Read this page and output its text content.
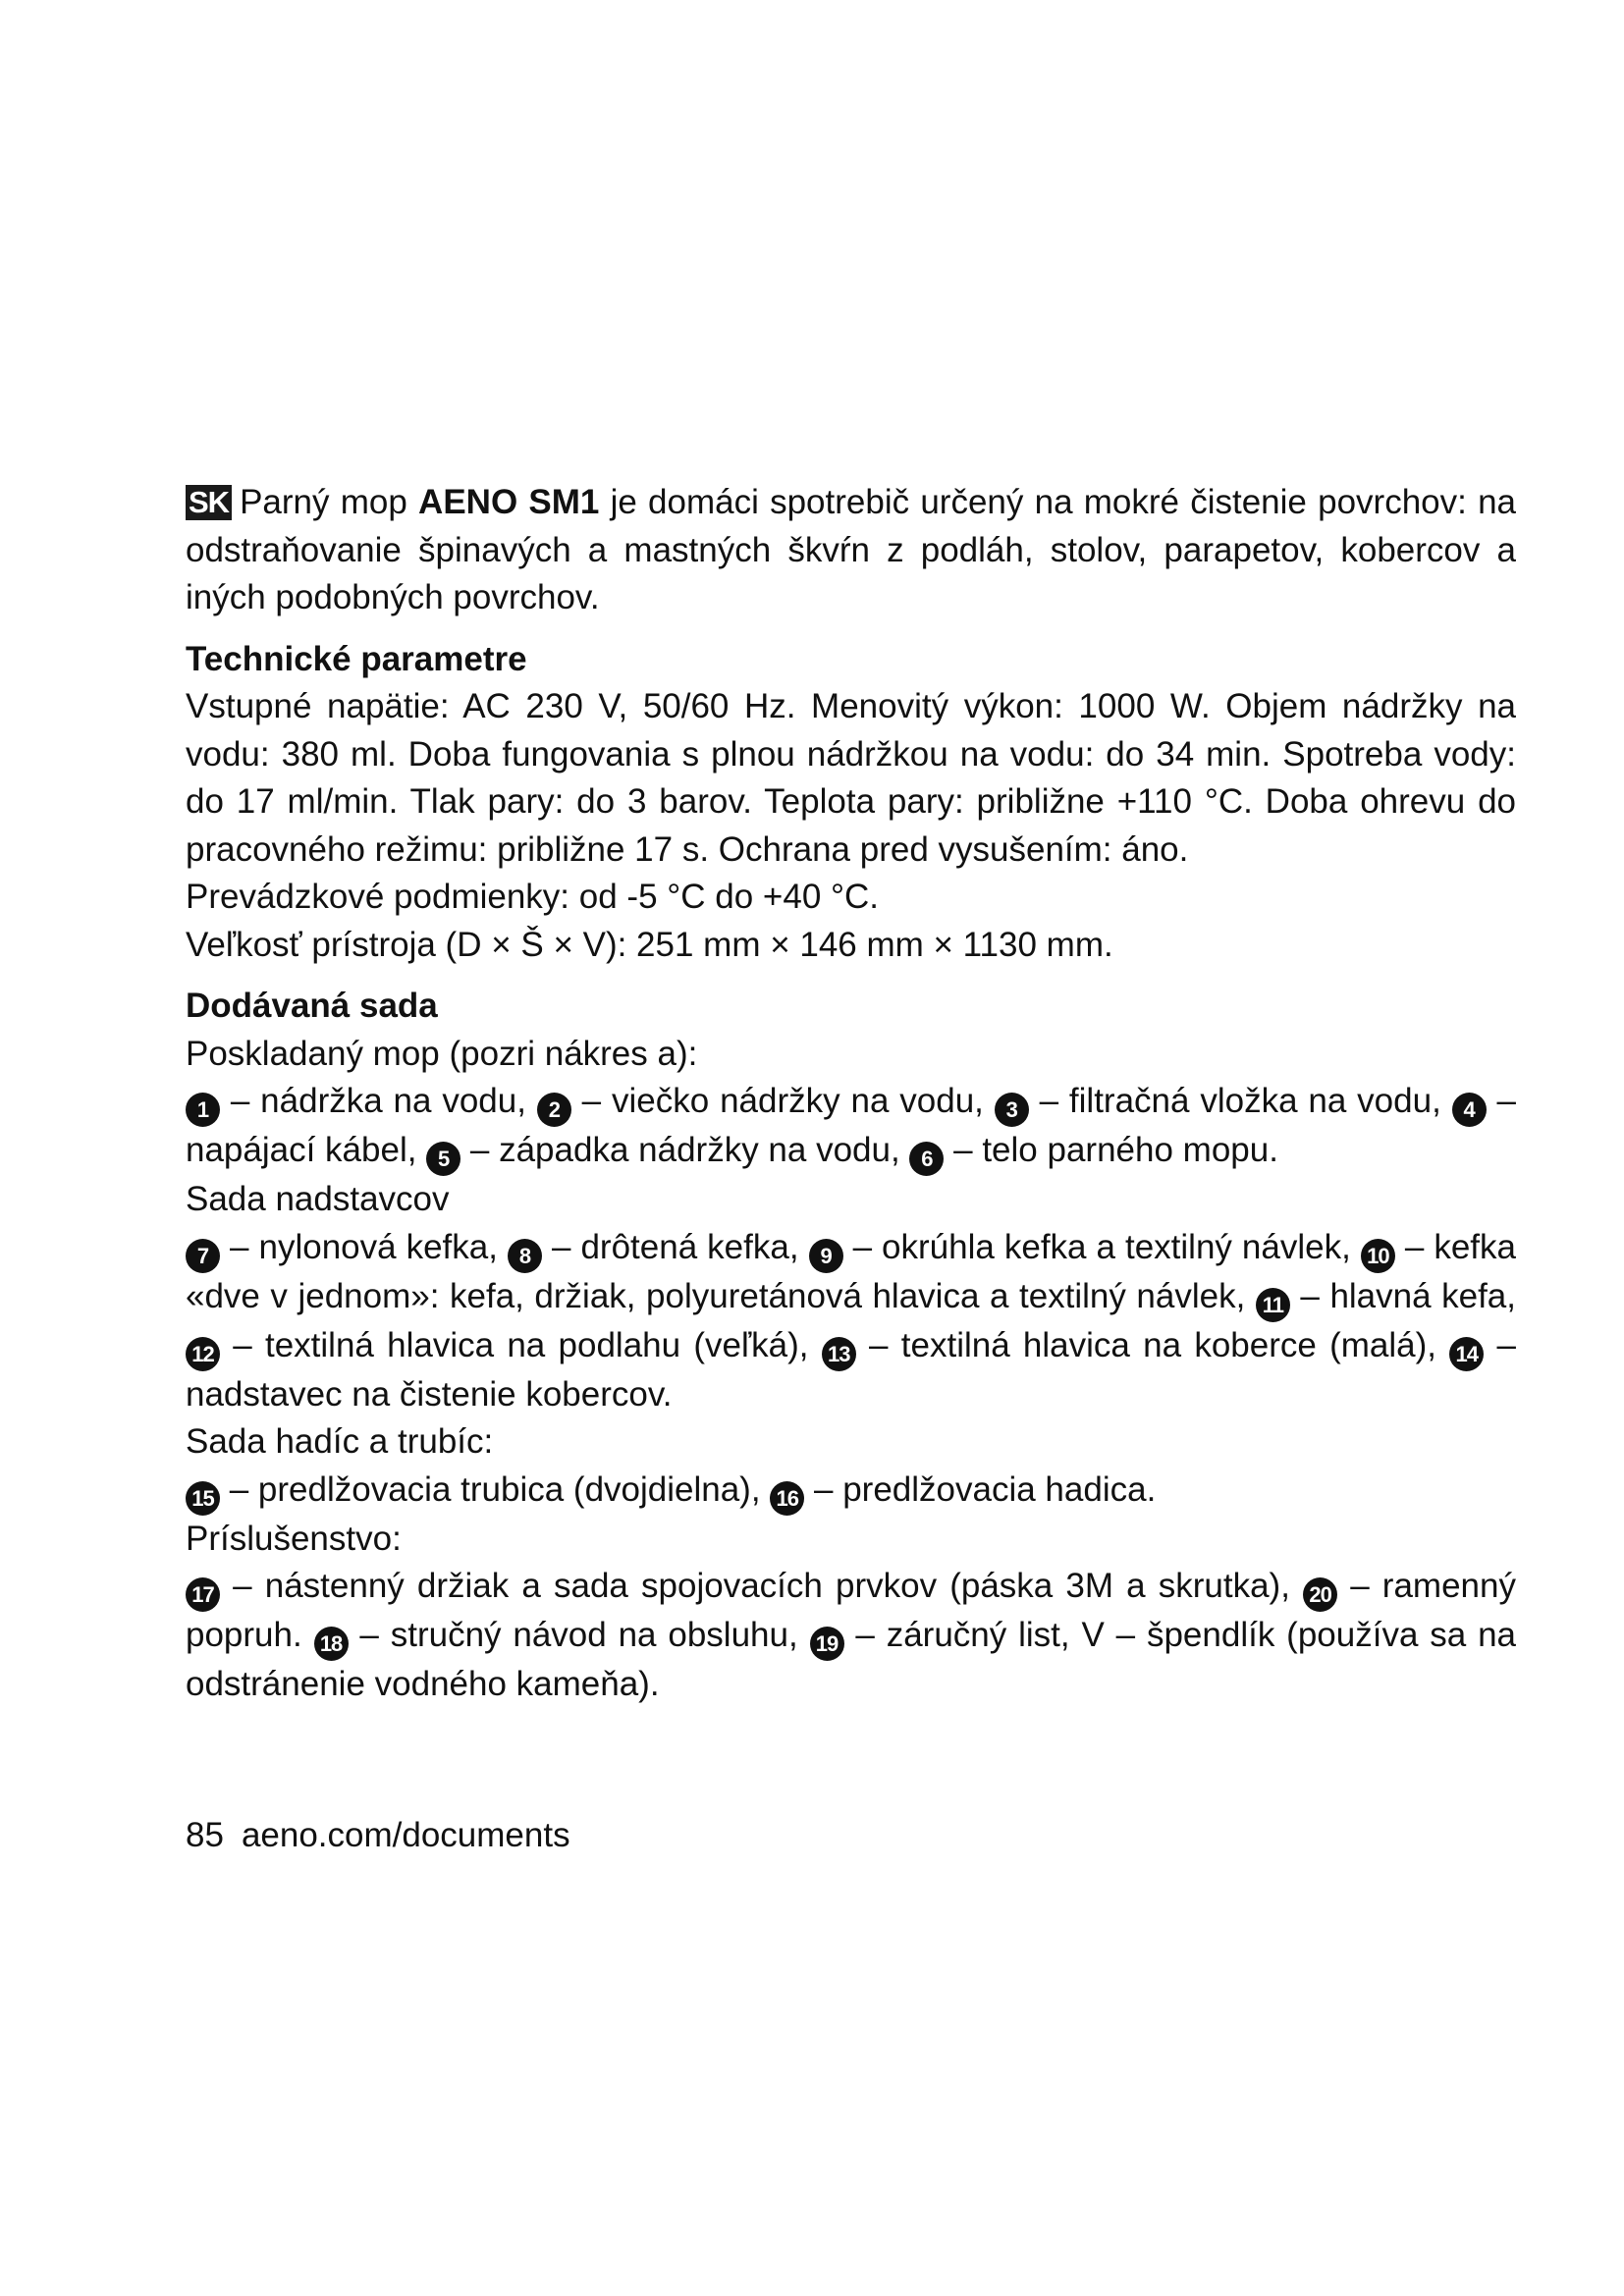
SK Parný mop AENO SM1 je domáci spotrebič určený na mokré čistenie povrchov: na odstraňovanie špinavých a mastných škvŕn z podláh, stolov, parapetov, kobercov a iných podobných povrchov.

Technické parametre

Vstupné napätie: AC 230 V, 50/60 Hz. Menovitý výkon: 1000 W. Objem nádržky na vodu: 380 ml. Doba fungovania s plnou nádržkou na vodu: do 34 min. Spotreba vody: do 17 ml/min. Tlak pary: do 3 barov. Teplota pary: približne +110 °C. Doba ohrevu do pracovného režimu: približne 17 s. Ochrana pred vysušením: áno.

Prevádzkové podmienky: od -5 °C do +40 °C.

Veľkosť prístroja (D × Š × V): 251 mm × 146 mm × 1130 mm.

Dodávaná sada

Poskladaný mop (pozri nákres a):

1 – nádržka na vodu, 2 – viečko nádržky na vodu, 3 – filtračná vložka na vodu, 4 – napájací kábel, 5 – západka nádržky na vodu, 6 – telo parného mopu.

Sada nadstavcov

7 – nylonová kefka, 8 – drôtená kefka, 9 – okrúhla kefka a textilný návlek, 10 – kefka «dve v jednom»: kefa, držiak, polyuretánová hlavica a textilný návlek, 11 – hlavná kefa, 12 – textilná hlavica na podlahu (veľká), 13 – textilná hlavica na koberce (malá), 14 – nadstavec na čistenie kobercov.

Sada hadíc a trubíc:

15 – predlžovacia trubica (dvojdielna), 16 – predlžovacia hadica.

Príslušenstvo:

17 – nástenný držiak a sada spojovacích prvkov (páska 3M a skrutka), 20 – ramenný popruh. 18 – stručný návod na obsluhu, 19 – záručný list, V – špendlík (používa sa na odstránenie vodného kameňa).

85 aeno.com/documents
